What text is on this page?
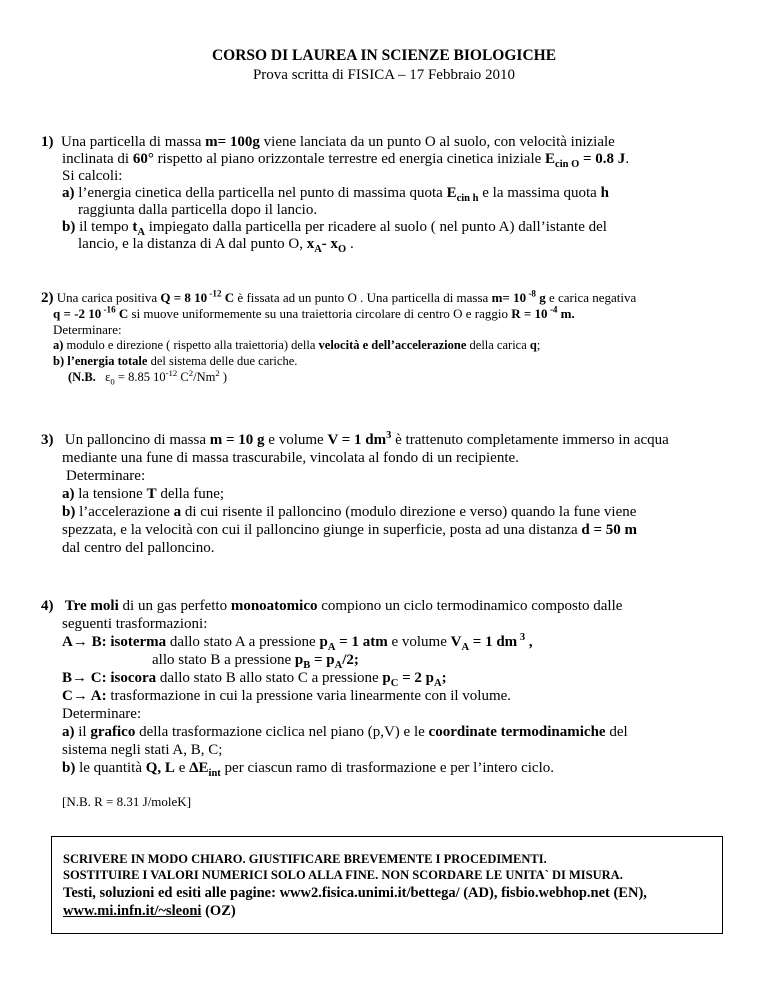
CORSO DI LAUREA IN SCIENZE BIOLOGICHE
Prova scritta di FISICA – 17 Febbraio 2010
1) Una particella di massa m= 100g viene lanciata da un punto O al suolo, con velocità iniziale
inclinata di 60° rispetto al piano orizzontale terrestre ed energia cinetica iniziale $E_{cin O} = 0.8$ J.
Si calcoli:
a) l’energia cinetica della particella nel punto di massima quota $E_{cin h}$ e la massima quota h
raggiunta dalla particella dopo il lancio.
b) il tempo $t_A$ impiegato dalla particella per ricadere al suolo ( nel punto A) dall’istante del
lancio, e la distanza di A dal punto O, $x_A-$ $x_O$ .
2) Una carica positiva Q = 8 10 $^{-12}$ C è fissata ad un punto O . Una particella di massa m= 10 $^{-8}$ g e carica negativa
q = -2 10 $^{-16}$ C si muove uniformemente su una traiettoria circolare di centro O e raggio R = 10 $^{-4}$ m.
Determinare:
a) modulo e direzione ( rispetto alla traiettoria) della velocità e dell’accelerazione della carica q;
b) l’energia totale del sistema delle due cariche.
(N.B. $\varepsilon_0 = 8.85$ $10^{-12}$ $C^2/Nm^2$ )
3) Un palloncino di massa m = 10 g e volume V = 1 $dm^3$ è trattenuto completamente immerso in acqua
mediante una fune di massa trascurabile, vincolata al fondo di un recipiente.
Determinare:
a) la tensione T della fune;
b) l’accelerazione a di cui risente il palloncino (modulo direzione e verso) quando la fune viene
spezzata, e la velocità con cui il palloncino giunge in superficie, posta ad una distanza d = 50 m
dal centro del palloncino.
4) Tre moli di un gas perfetto monoatomico compiono un ciclo termodinamico composto dalle
seguenti trasformazioni:
A→ B: isoterma dallo stato A a pressione $p_A = 1$ atm e volume $V_A = 1$ dm $^3$ ,
allo stato B a pressione $p_B = p_A/2$;
B→ C: isocora dallo stato B allo stato C a pressione $p_C = 2$ $p_A$;
C→ A: trasformazione in cui la pressione varia linearmente con il volume.
Determinare:
a) il grafico della trasformazione ciclica nel piano (p,V) e le coordinate termodinamiche del
sistema negli stati A, B, C;
b) le quantità Q, L e $\Delta E_{int}$ per ciascun ramo di trasformazione e per l’intero ciclo.
[N.B. R = 8.31 J/moleK]
SCRIVERE IN MODO CHIARO. GIUSTIFICARE BREVEMENTE I PROCEDIMENTI.
SOSTITUIRE I VALORI NUMERICI SOLO ALLA FINE. NON SCORDARE LE UNITA` DI MISURA.
Testi, soluzioni ed esiti alle pagine: www2.fisica.unimi.it/bettega/ (AD), fisbio.webhop.net (EN),
www.mi.infn.it/~sleoni (OZ)
